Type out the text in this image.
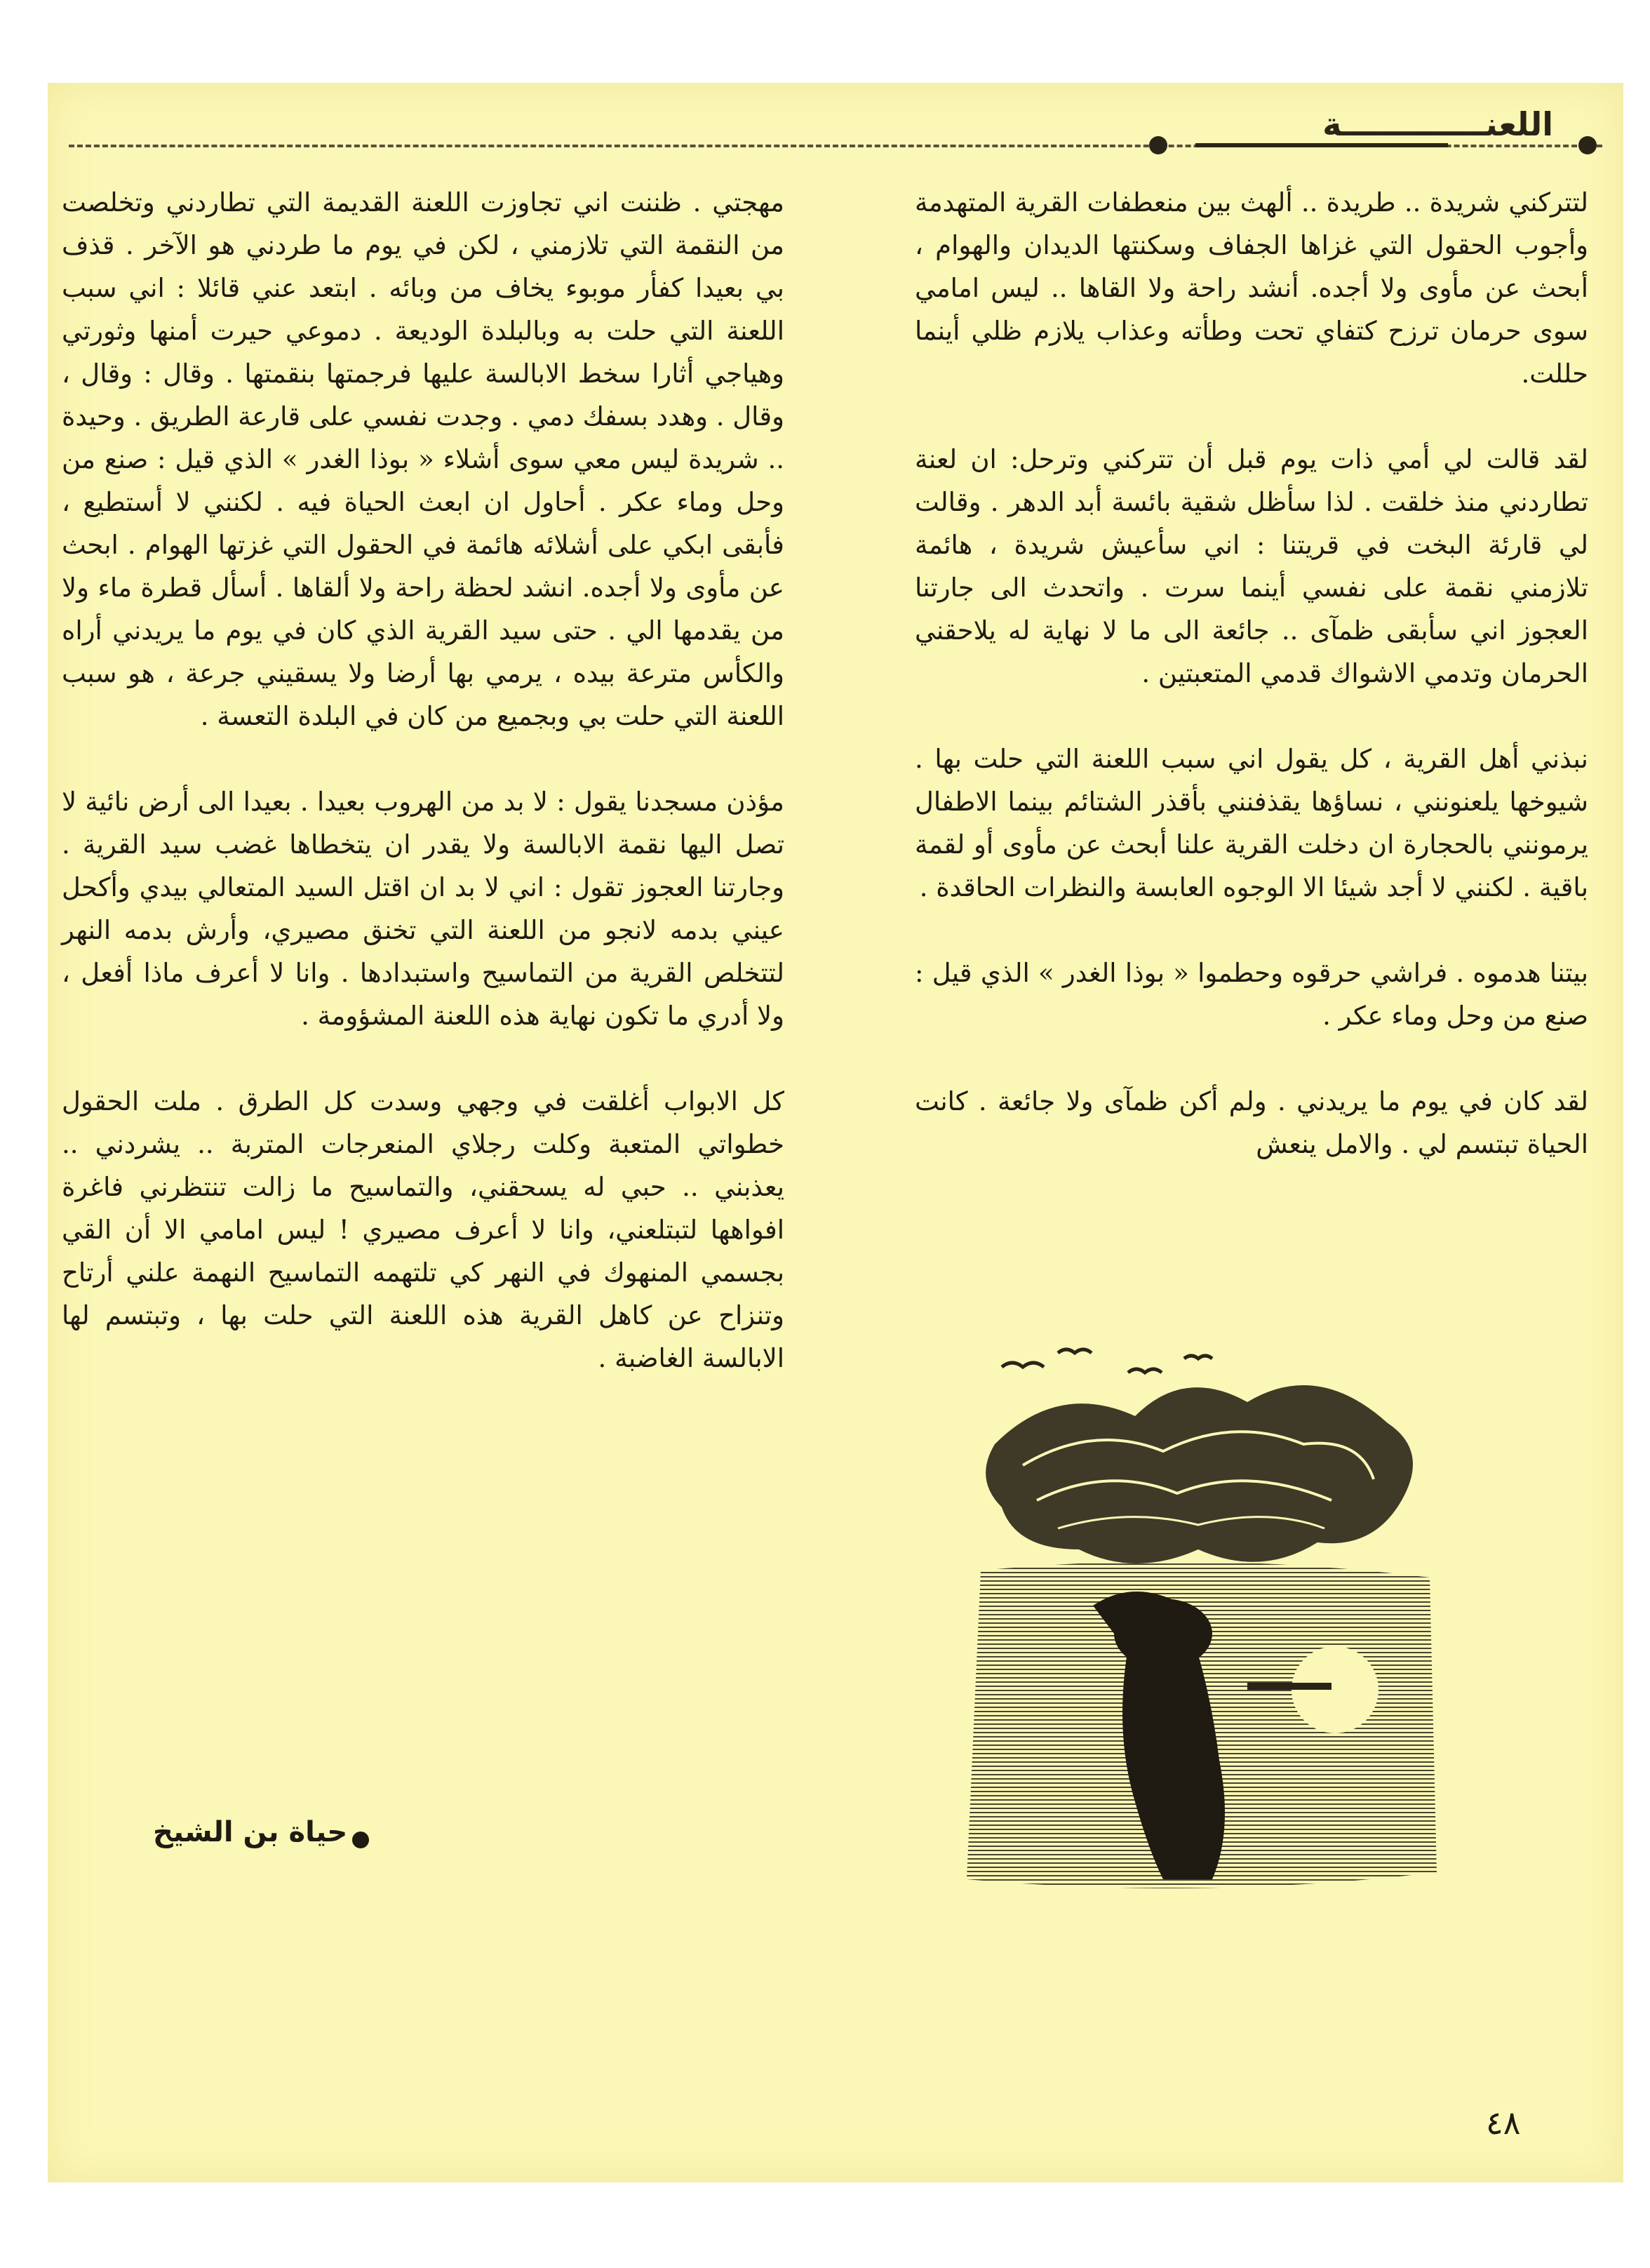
اللعنـــــــــــــة

لتتركني شريدة .. طريدة .. ألهث بين منعطفات القرية المتهدمة وأجوب الحقول التي غزاها الجفاف وسكنتها الديدان والهوام ، أبحث عن مأوى ولا أجده. أنشد راحة ولا القاها .. ليس امامي سوى حرمان ترزح كتفاي تحت وطأته وعذاب يلازم ظلي أينما حللت.

لقد قالت لي أمي ذات يوم قبل أن تتركني وترحل: ان لعنة تطاردني منذ خلقت . لذا سأظل شقية بائسة أبد الدهر . وقالت لي قارئة البخت في قريتنا : اني سأعيش شريدة ، هائمة تلازمني نقمة على نفسي أينما سرت . واتحدث الى جارتنا العجوز اني سأبقى ظمآى .. جائعة الى ما لا نهاية له يلاحقني الحرمان وتدمي الاشواك قدمي المتعبتين .

نبذني أهل القرية ، كل يقول اني سبب اللعنة التي حلت بها . شيوخها يلعنونني ، نساؤها يقذفنني بأقذر الشتائم بينما الاطفال يرمونني بالحجارة ان دخلت القرية علنا أبحث عن مأوى أو لقمة باقية . لكنني لا أجد شيئا الا الوجوه العابسة والنظرات الحاقدة .

بيتنا هدموه . فراشي حرقوه وحطموا « بوذا الغدر » الذي قيل : صنع من وحل وماء عكر .

لقد كان في يوم ما يريدني . ولم أكن ظمآى ولا جائعة . كانت الحياة تبتسم لي . والامل ينعش

مهجتي . ظننت اني تجاوزت اللعنة القديمة التي تطاردني وتخلصت من النقمة التي تلازمني ، لكن في يوم ما طردني هو الآخر . قذف بي بعيدا كفأر موبوء يخاف من وبائه . ابتعد عني قائلا : اني سبب اللعنة التي حلت به وبالبلدة الوديعة . دموعي حيرت أمنها وثورتي وهياجي أثارا سخط الابالسة عليها فرجمتها بنقمتها . وقال : وقال ، وقال . وهدد بسفك دمي . وجدت نفسي على قارعة الطريق . وحيدة .. شريدة ليس معي سوى أشلاء « بوذا الغدر » الذي قيل : صنع من وحل وماء عكر . أحاول ان ابعث الحياة فيه . لكنني لا أستطيع ، فأبقى ابكي على أشلائه هائمة في الحقول التي غزتها الهوام . ابحث عن مأوى ولا أجده. انشد لحظة راحة ولا ألقاها . أسأل قطرة ماء ولا من يقدمها الي . حتى سيد القرية الذي كان في يوم ما يريدني أراه والكأس مترعة بيده ، يرمي بها أرضا ولا يسقيني جرعة ، هو سبب اللعنة التي حلت بي وبجميع من كان في البلدة التعسة .

مؤذن مسجدنا يقول : لا بد من الهروب بعيدا . بعيدا الى أرض نائية لا تصل اليها نقمة الابالسة ولا يقدر ان يتخطاها غضب سيد القرية . وجارتنا العجوز تقول : اني لا بد ان اقتل السيد المتعالي بيدي وأكحل عيني بدمه لانجو من اللعنة التي تخنق مصيري، وأرش بدمه النهر لتتخلص القرية من التماسيح واستبدادها . وانا لا أعرف ماذا أفعل ، ولا أدري ما تكون نهاية هذه اللعنة المشؤومة .

كل الابواب أغلقت في وجهي وسدت كل الطرق . ملت الحقول خطواتي المتعبة وكلت رجلاي المنعرجات المتربة .. يشردني .. يعذبني .. حبي له يسحقني، والتماسيح ما زالت تنتظرني فاغرة افواهها لتبتلعني، وانا لا أعرف مصيري ! ليس امامي الا أن القي بجسمي المنهوك في النهر كي تلتهمه التماسيح النهمة علني أرتاح وتنزاح عن كاهل القرية هذه اللعنة التي حلت بها ، وتبتسم لها الابالسة الغاضبة .

حياة بن الشيخ
٤٨
